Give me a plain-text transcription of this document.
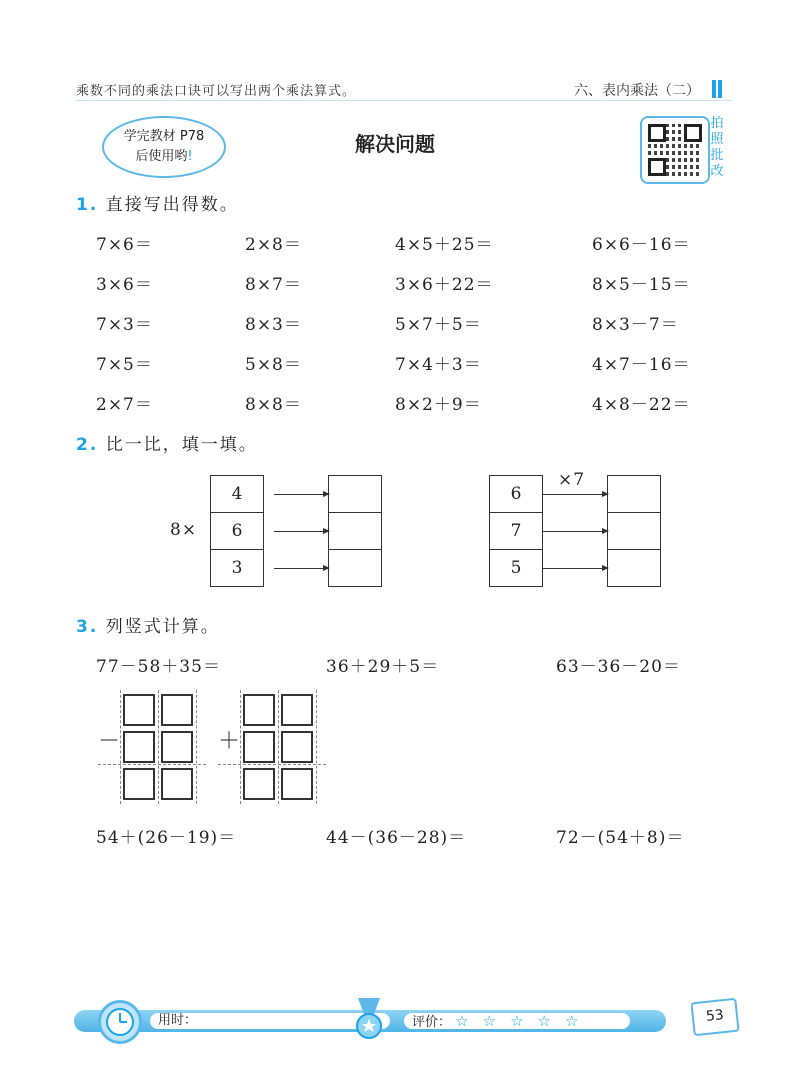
乘数不同的乘法口诀可以写出两个乘法算式。	六、表内乘法（二）
学完教材 P78
后使用哟!
解决问题
拍
照
批
改
1. 直接写出得数。
7×6＝	2×8＝	4×5＋25＝	6×6－16＝
3×6＝	8×7＝	3×6＋22＝	8×5－15＝
7×3＝	8×3＝	5×7＋5＝	8×3－7＝
7×5＝	5×8＝	7×4＋3＝	4×7－16＝
2×7＝	8×8＝	8×2＋9＝	4×8－22＝
2. 比一比，填一填。
8×
4
6
3
6
7
5
×7
3. 列竖式计算。
77－58＋35＝	36＋29＋5＝	63－36－20＝
－	＋
54＋(26－19)＝	44－(36－28)＝	72－(54＋8)＝
用时：	评价： ☆ ☆ ☆ ☆ ☆	53
